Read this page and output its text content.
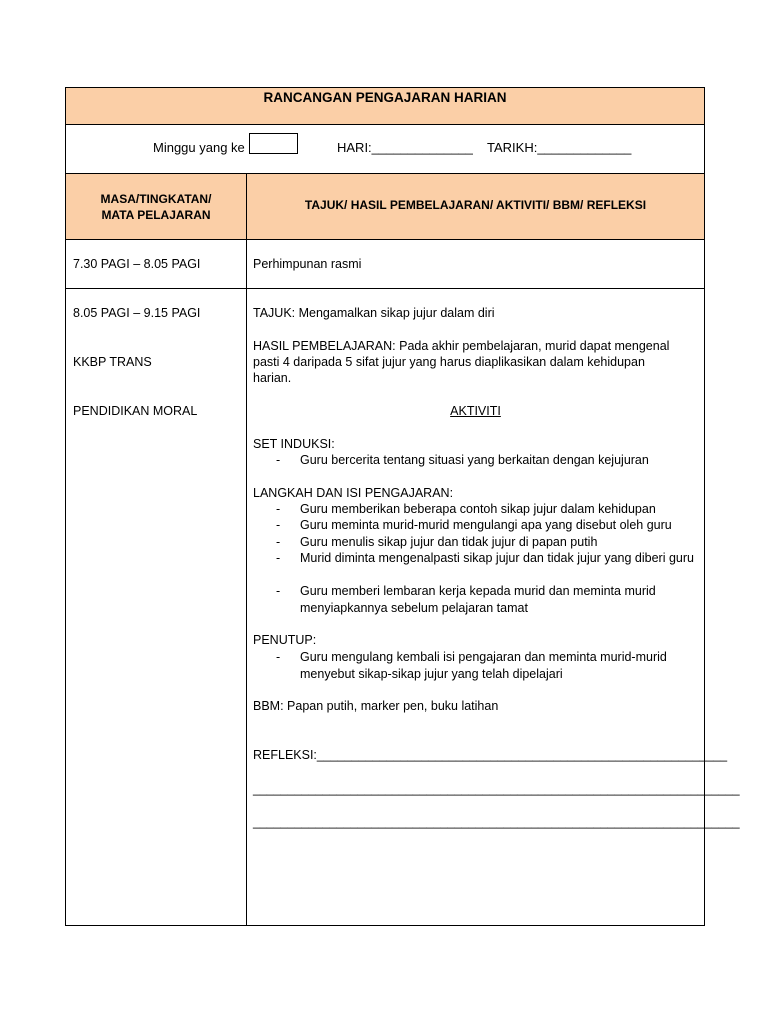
RANCANGAN PENGAJARAN HARIAN
Minggu yang ke	HARI:______________ TARIKH:_____________
MASA/TINGKATAN/
MATA PELAJARAN
TAJUK/ HASIL PEMBELAJARAN/ AKTIVITI/ BBM/ REFLEKSI
7.30 PAGI – 8.05 PAGI	Perhimpunan rasmi
8.05 PAGI – 9.15 PAGI
KKBP TRANS
PENDIDIKAN MORAL
TAJUK: Mengamalkan sikap jujur dalam diri
HASIL PEMBELAJARAN: Pada akhir pembelajaran, murid dapat mengenal
pasti 4 daripada 5 sifat jujur yang harus diaplikasikan dalam kehidupan
harian.
AKTIVITI
SET INDUKSI:
- Guru bercerita tentang situasi yang berkaitan dengan kejujuran
LANGKAH DAN ISI PENGAJARAN:
- Guru memberikan beberapa contoh sikap jujur dalam kehidupan
- Guru meminta murid-murid mengulangi apa yang disebut oleh guru
- Guru menulis sikap jujur dan tidak jujur di papan putih
- Murid diminta mengenalpasti sikap jujur dan tidak jujur yang diberi guru
- Guru memberi lembaran kerja kepada murid dan meminta murid menyiapkannya sebelum pelajaran tamat
PENUTUP:
- Guru mengulang kembali isi pengajaran dan meminta murid-murid menyebut sikap-sikap jujur yang telah dipelajari
BBM: Papan putih, marker pen, buku latihan
REFLEKSI:___________________________________________________________
______________________________________________________________________
______________________________________________________________________
